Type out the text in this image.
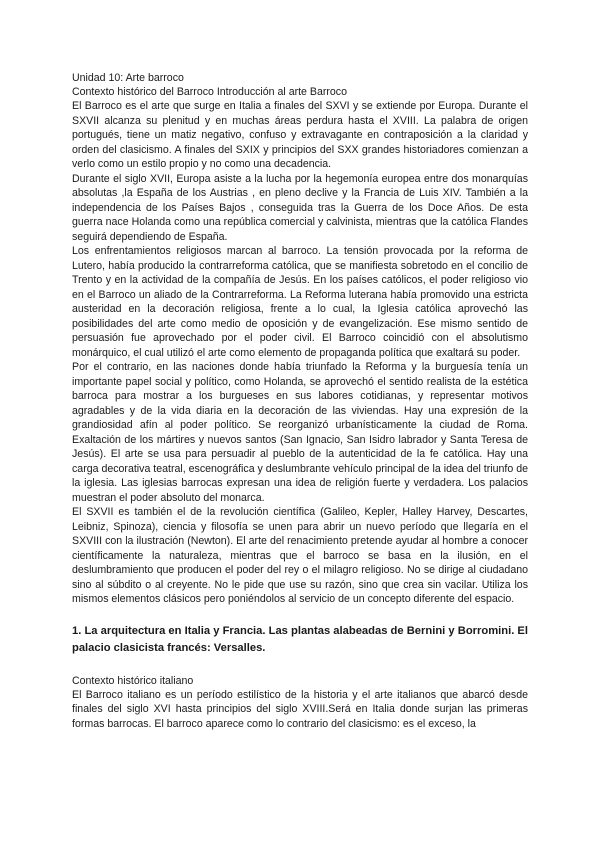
Unidad 10: Arte barroco

Contexto histórico del Barroco Introducción al arte Barroco

El Barroco es el arte que surge en Italia a finales del SXVI y se extiende por Europa. Durante el SXVII alcanza su plenitud y en muchas áreas perdura hasta el XVIII. La palabra de origen portugués, tiene un matiz negativo, confuso y extravagante en contraposición a la claridad y orden del clasicismo. A finales del SXIX y principios del SXX grandes historiadores comienzan a verlo como un estilo propio y no como una decadencia.

Durante el siglo XVII, Europa asiste a la lucha por la hegemonía europea entre dos monarquías absolutas ,la España de los Austrias , en pleno declive y la Francia de Luis XIV. También a la independencia de los Países Bajos , conseguida tras la Guerra de los Doce Años. De esta guerra nace Holanda como una república comercial y calvinista, mientras que la católica Flandes seguirá dependiendo de España.

Los enfrentamientos religiosos marcan al barroco. La tensión provocada por la reforma de Lutero, había producido la contrarreforma católica, que se manifiesta sobretodo en el concilio de Trento y en la actividad de la compañía de Jesús. En los países católicos, el poder religioso vio en el Barroco un aliado de la Contrarreforma. La Reforma luterana había promovido una estricta austeridad en la decoración religiosa, frente a lo cual, la Iglesia católica aprovechó las posibilidades del arte como medio de oposición y de evangelización. Ese mismo sentido de persuasión fue aprovechado por el poder civil. El Barroco coincidió con el absolutismo monárquico, el cual utilizó el arte como elemento de propaganda política que exaltará su poder.

Por el contrario, en las naciones donde había triunfado la Reforma y la burguesía tenía un importante papel social y político, como Holanda, se aprovechó el sentido realista de la estética barroca para mostrar a los burgueses en sus labores cotidianas, y representar motivos agradables y de la vida diaria en la decoración de las viviendas. Hay una expresión de la grandiosidad afín al poder político. Se reorganizó urbanísticamente la ciudad de Roma. Exaltación de los mártires y nuevos santos (San Ignacio, San Isidro labrador y Santa Teresa de Jesús). El arte se usa para persuadir al pueblo de la autenticidad de la fe católica. Hay una carga decorativa teatral, escenográfica y deslumbrante vehículo principal de la idea del triunfo de la iglesia. Las iglesias barrocas expresan una idea de religión fuerte y verdadera. Los palacios muestran el poder absoluto del monarca.

El SXVII es también el de la revolución científica (Galileo, Kepler, Halley Harvey, Descartes, Leibniz, Spinoza), ciencia y filosofía se unen para abrir un nuevo período que llegaría en el SXVIII con la ilustración (Newton). El arte del renacimiento pretende ayudar al hombre a conocer científicamente la naturaleza, mientras que el barroco se basa en la ilusión, en el deslumbramiento que producen el poder del rey o el milagro religioso. No se dirige al ciudadano sino al súbdito o al creyente. No le pide que use su razón, sino que crea sin vacilar. Utiliza los mismos elementos clásicos pero poniéndolos al servicio de un concepto diferente del espacio.

1. La arquitectura en Italia y Francia. Las plantas alabeadas de Bernini y Borromini. El palacio clasicista francés: Versalles.

Contexto histórico italiano

El Barroco italiano es un período estilístico de la historia y el arte italianos que abarcó desde finales del siglo XVI hasta principios del siglo XVIII.Será en Italia donde surjan las primeras formas barrocas. El barroco aparece como lo contrario del clasicismo: es el exceso, la
